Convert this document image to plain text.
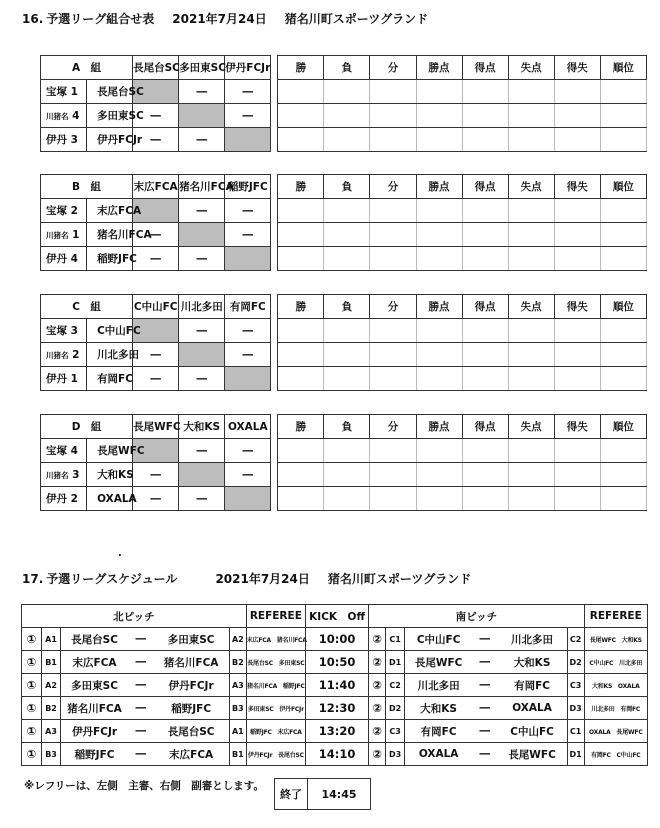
16. 予選リーグ組合せ表 2021年7月24日 猪名川町スポーツグランド
A　組		長尾台SC	多田東SC	伊丹FCJr		勝	負	分	勝点	得点	失点	得失	順位
宝塚 1	長尾台SC		―	―									
川猪名 4	多田東SC	―		―									
伊丹 3	伊丹FCJr	―	―										
B　組		末広FCA	猪名川FCA	稲野JFC		勝	負	分	勝点	得点	失点	得失	順位
宝塚 2	末広FCA		―	―									
川猪名 1	猪名川FCA	―		―									
伊丹 4	稲野JFC	―	―										
C　組		C中山FC	川北多田	有岡FC		勝	負	分	勝点	得点	失点	得失	順位
宝塚 3	C中山FC		―	―									
川猪名 2	川北多田	―		―									
伊丹 1	有岡FC	―	―										
D　組		長尾WFC	大和KS	OXALA		勝	負	分	勝点	得点	失点	得失	順位
宝塚 4	長尾WFC		―	―									
川猪名 3	大和KS	―		―									
伊丹 2	OXALA	―	―										
.
17. 予選リーグスケジュール	2021年7月24日 猪名川町スポーツグランド
北ピッチ						REFEREE	KICK　Off	南ピッチ						REFEREE
①	A1	長尾台SC	―	多田東SC	A2	末広FCA　猪名川FCA	10:00	②	C1	C中山FC	―	川北多田	C2	長尾WFC　大和KS
①	B1	末広FCA	―	猪名川FCA	B2	長尾台SC　多田東SC	10:50	②	D1	長尾WFC	―	大和KS	D2	C中山FC　川北多田
①	A2	多田東SC	―	伊丹FCJr	A3	猪名川FCA　稲野JFC	11:40	②	C2	川北多田	―	有岡FC	C3	大和KS　OXALA
①	B2	猪名川FCA	―	稲野JFC	B3	多田東SC　伊丹FCJr	12:30	②	D2	大和KS	―	OXALA	D3	川北多田　有岡FC
①	A3	伊丹FCJr	―	長尾台SC	A1	稲野JFC　末広FCA	13:20	②	C3	有岡FC	―	C中山FC	C1	OXALA　長尾WFC
①	B3	稲野JFC	―	末広FCA	B1	伊丹FCJr　長尾台SC	14:10	②	D3	OXALA	―	長尾WFC	D1	有岡FC　C中山FC
※レフリーは、左側　主審、右側　副審とします。
終了	14:45
